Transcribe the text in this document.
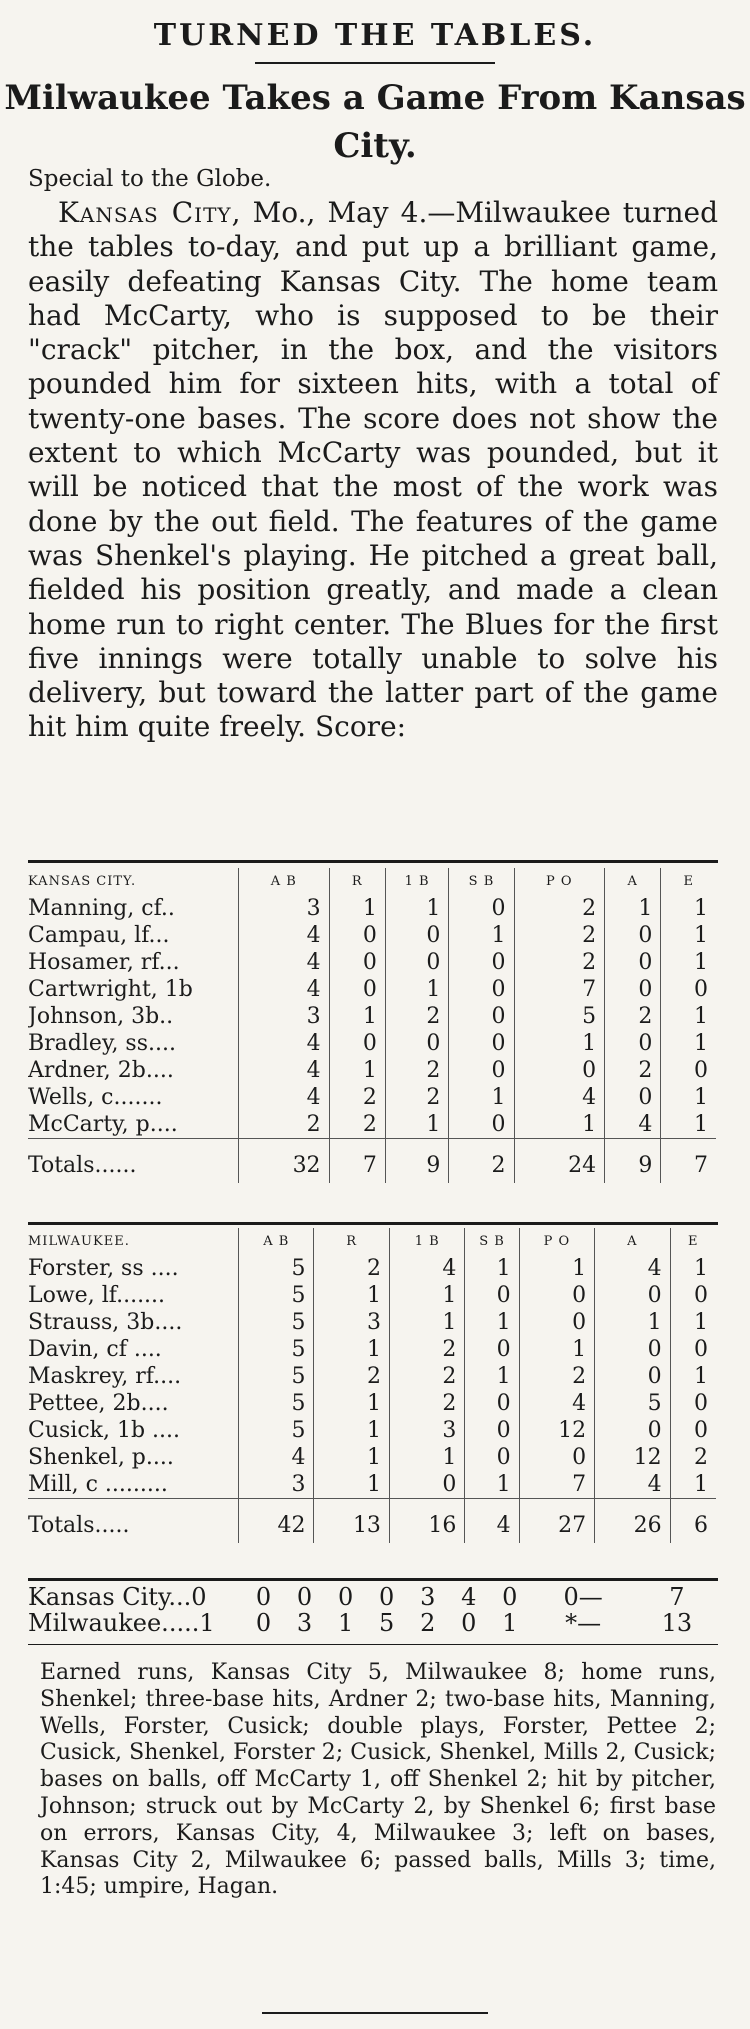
TURNED THE TABLES.
Milwaukee Takes a Game From Kansas City.

Special to the Globe.

Kansas City, Mo., May 4.—Milwaukee turned the tables to-day, and put up a brilliant game, easily defeating Kansas City. The home team had McCarty, who is supposed to be their "crack" pitcher, in the box, and the visitors pounded him for sixteen hits, with a total of twenty-one bases. The score does not show the extent to which McCarty was pounded, but it will be noticed that the most of the work was done by the out field. The features of the game was Shenkel's playing. He pitched a great ball, fielded his position greatly, and made a clean home run to right center. The Blues for the first five innings were totally unable to solve his delivery, but toward the latter part of the game hit him quite freely. Score:

KANSAS CITY.	A B	R	1 B	S B	P O	A	E
Manning, cf..	3	1	1	0	2	1	1
Campau, lf...	4	0	0	1	2	0	1
Hosamer, rf...	4	0	0	0	2	0	1
Cartwright, 1b	4	0	1	0	7	0	0
Johnson, 3b..	3	1	2	0	5	2	1
Bradley, ss....	4	0	0	0	1	0	1
Ardner, 2b....	4	1	2	0	0	2	0
Wells, c.......	4	2	2	1	4	0	1
McCarty, p....	2	2	1	0	1	4	1
Totals......	32	7	9	2	24	9	7
MILWAUKEE.	A B	R	1 B	S B	P O	A	E
Forster, ss ....	5	2	4	1	1	4	1
Lowe, lf.......	5	1	1	0	0	0	0
Strauss, 3b....	5	3	1	1	0	1	1
Davin, cf ....	5	1	2	0	1	0	0
Maskrey, rf....	5	2	2	1	2	0	1
Pettee, 2b....	5	1	2	0	4	5	0
Cusick, 1b ....	5	1	3	0	12	0	0
Shenkel, p....	4	1	1	0	0	12	2
Mill, c .........	3	1	0	1	7	4	1
Totals.....	42	13	16	4	27	26	6
Kansas City...0	0	0	0	0	3	4	0	0—	7
Milwaukee.....1	0	3	1	5	2	0	1	*—	13

Earned runs, Kansas City 5, Milwaukee 8; home runs, Shenkel; three-base hits, Ardner 2; two-base hits, Manning, Wells, Forster, Cusick; double plays, Forster, Pettee 2; Cusick, Shenkel, Forster 2; Cusick, Shenkel, Mills 2, Cusick; bases on balls, off McCarty 1, off Shenkel 2; hit by pitcher, Johnson; struck out by McCarty 2, by Shenkel 6; first base on errors, Kansas City, 4, Milwaukee 3; left on bases, Kansas City 2, Milwaukee 6; passed balls, Mills 3; time, 1:45; umpire, Hagan.
